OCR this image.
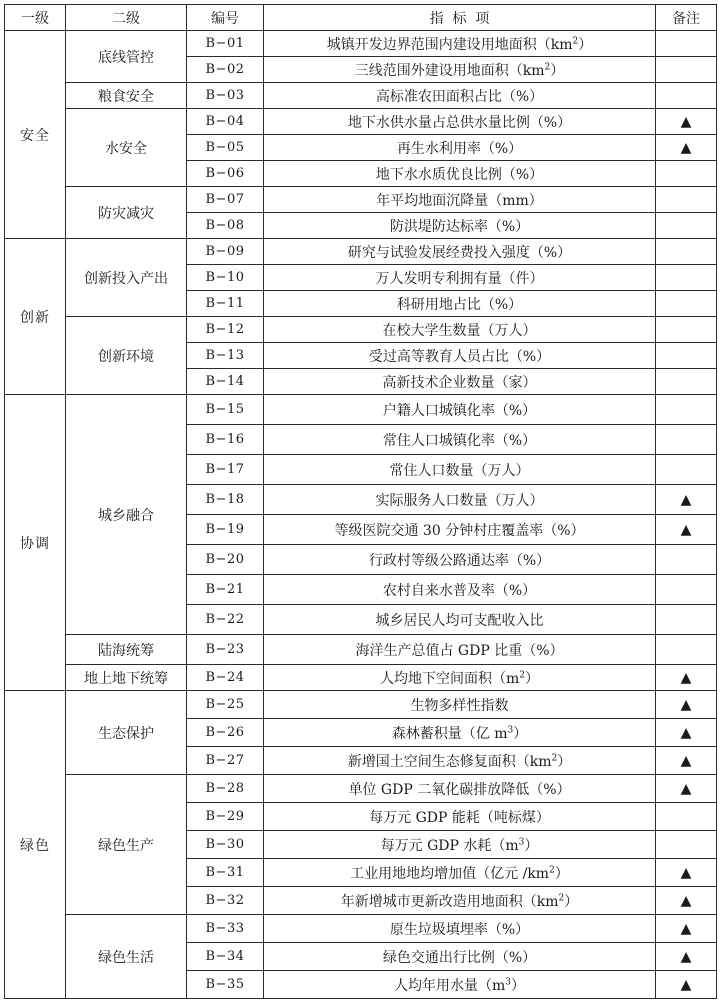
一级	二级	编号	指  标  项	备注
安全	底线管控	B−01	城镇开发边界范围内建设用地面积$(km^2)$	
		B−02	三线范围外建设用地面积$(km^2)$	
	粮食安全	B−03	高标准农田面积占比（%）	
	水安全	B−04	地下水供水量占总供水量比例（%）	▲
		B−05	再生水利用率（%）	▲
		B−06	地下水水质优良比例（%）	
	防灾减灾	B−07	年平均地面沉降量（mm）	
		B−08	防洪堤防达标率（%）	
创新	创新投入产出	B−09	研究与试验发展经费投入强度（%）	
		B−10	万人发明专利拥有量（件）	
		B−11	科研用地占比（%）	
	创新环境	B−12	在校大学生数量（万人）	
		B−13	受过高等教育人员占比（%）	
		B−14	高新技术企业数量（家）	
协调	城乡融合	B−15	户籍人口城镇化率（%）	
		B−16	常住人口城镇化率（%）	
		B−17	常住人口数量（万人）	
		B−18	实际服务人口数量（万人）	▲
		B−19	等级医院交通 30 分钟村庄覆盖率（%）	▲
		B−20	行政村等级公路通达率（%）	
		B−21	农村自来水普及率（%）	
		B−22	城乡居民人均可支配收入比	
	陆海统筹	B−23	海洋生产总值占 GDP 比重（%）	
	地上地下统筹	B−24	人均地下空间面积$(m^2)$	▲
绿色	生态保护	B−25	生物多样性指数	▲
		B−26	森林蓄积量（亿 $m^3$）	▲
		B−27	新增国土空间生态修复面积$(km^2)$	▲
	绿色生产	B−28	单位 GDP 二氧化碳排放降低（%）	▲
		B−29	每万元 GDP 能耗（吨标煤）	
		B−30	每万元 GDP 水耗$(m^3)$	
		B−31	工业用地地均增加值（亿元 $/km^2$）	▲
		B−32	年新增城市更新改造用地面积$(km^2)$	▲
	绿色生活	B−33	原生垃圾填埋率（%）	▲
		B−34	绿色交通出行比例（%）	▲
		B−35	人均年用水量$(m^3)$	▲
